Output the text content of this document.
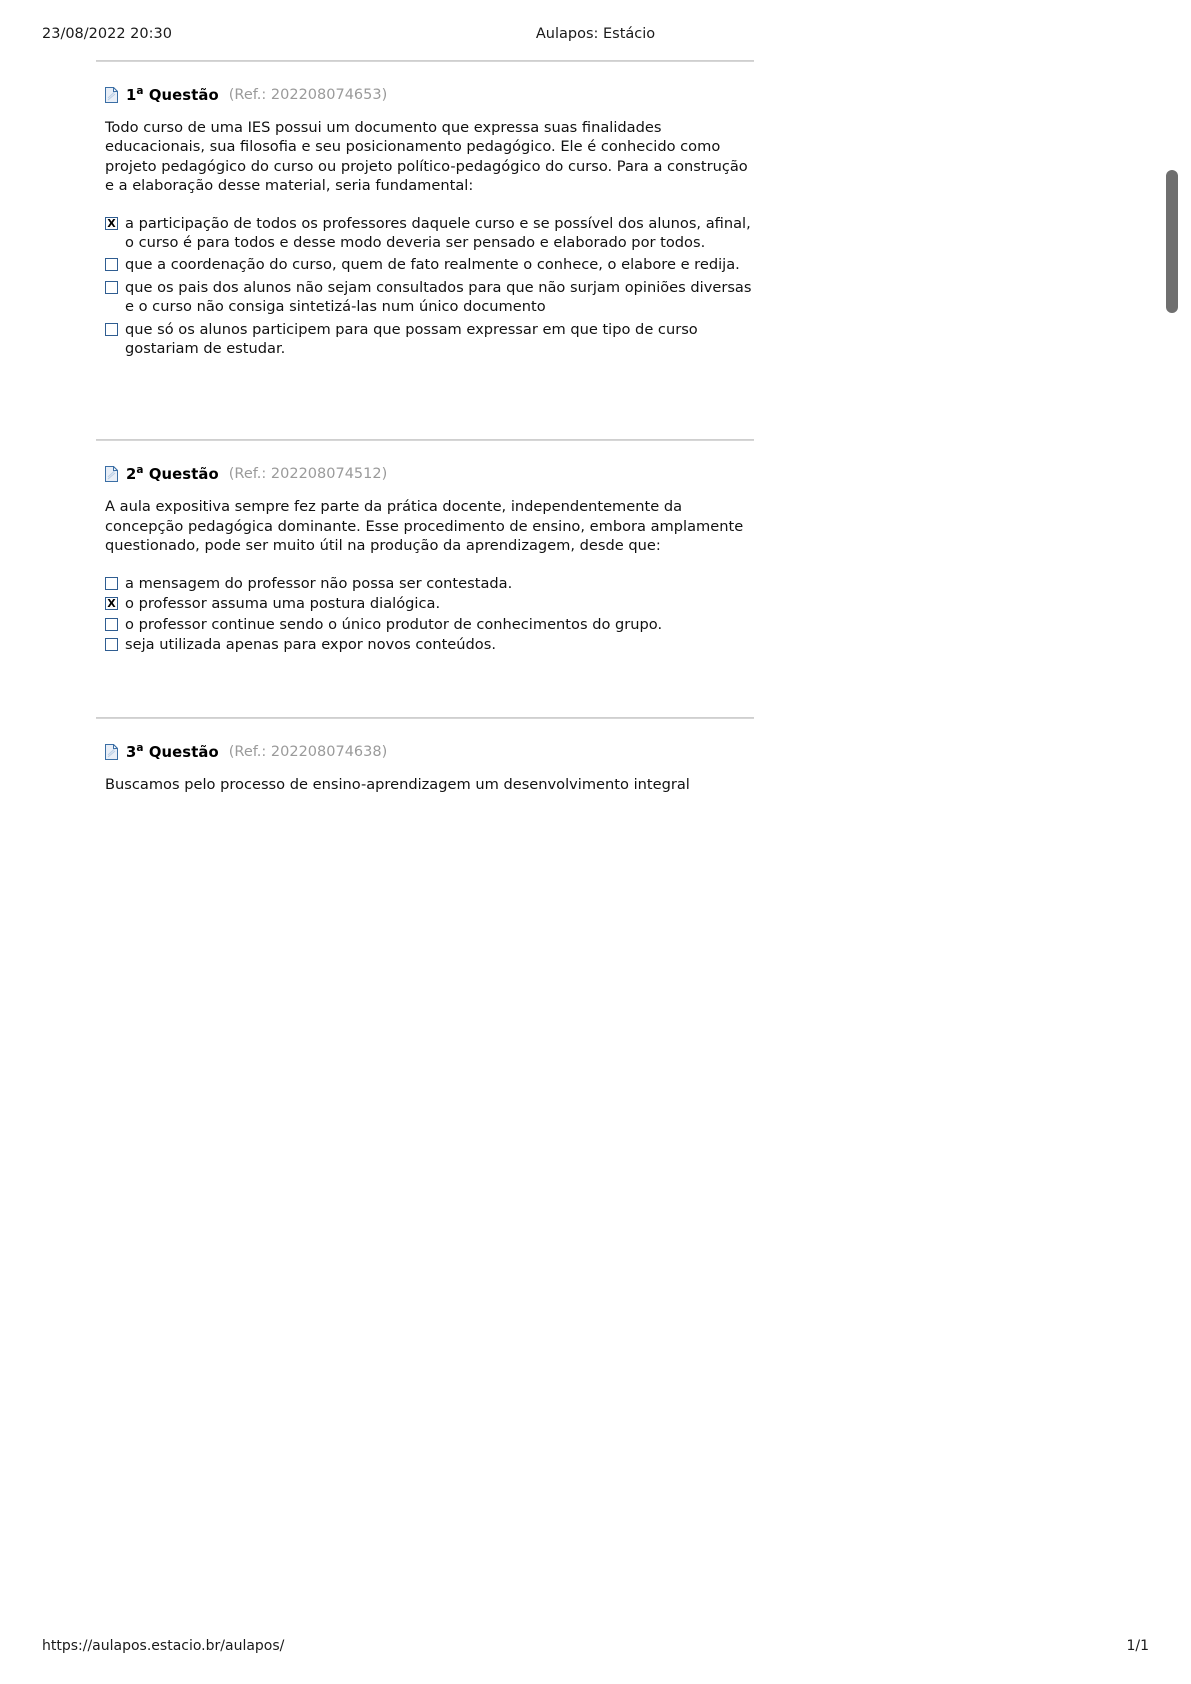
23/08/2022 20:30	Aulapos: Estácio
1$^a$ Questão (Ref.: 202208074653)
Todo curso de uma IES possui um documento que expressa suas finalidades educacionais, sua filosofia e seu posicionamento pedagógico. Ele é conhecido como projeto pedagógico do curso ou projeto político-pedagógico do curso. Para a construção e a elaboração desse material, seria fundamental:
X
a participação de todos os professores daquele curso e se possível dos alunos, afinal, o curso é para todos e desse modo deveria ser pensado e elaborado por todos.
que a coordenação do curso, quem de fato realmente o conhece, o elabore e redija.
que os pais dos alunos não sejam consultados para que não surjam opiniões diversas e o curso não consiga sintetizá-las num único documento
que só os alunos participem para que possam expressar em que tipo de curso gostariam de estudar.
2$^a$ Questão (Ref.: 202208074512)
A aula expositiva sempre fez parte da prática docente, independentemente da concepção pedagógica dominante. Esse procedimento de ensino, embora amplamente questionado, pode ser muito útil na produção da aprendizagem, desde que:
a mensagem do professor não possa ser contestada.
X
o professor assuma uma postura dialógica.
o professor continue sendo o único produtor de conhecimentos do grupo.
seja utilizada apenas para expor novos conteúdos.
3$^a$ Questão (Ref.: 202208074638)
Buscamos pelo processo de ensino-aprendizagem um desenvolvimento integral
https://aulapos.estacio.br/aulapos/	1/1
